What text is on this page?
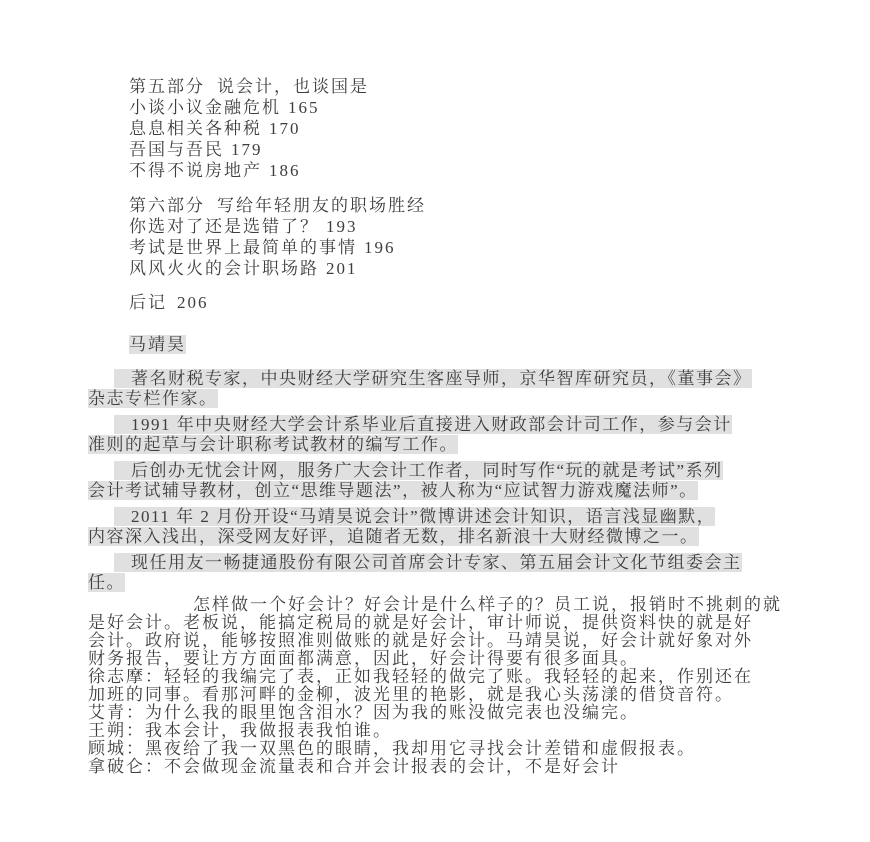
第五部分 说会计，也谈国是
小谈小议金融危机 165
息息相关各种税 170
吾国与吾民 179
不得不说房地产 186
第六部分 写给年轻朋友的职场胜经
你选对了还是选错了？ 193
考试是世界上最简单的事情 196
风风火火的会计职场路 201
后记 206
马靖昊
著名财税专家，中央财经大学研究生客座导师，京华智库研究员，《董事会》
杂志专栏作家。
1991 年中央财经大学会计系毕业后直接进入财政部会计司工作，参与会计
准则的起草与会计职称考试教材的编写工作。
后创办无忧会计网，服务广大会计工作者，同时写作“玩的就是考试”系列
会计考试辅导教材，创立“思维导题法”，被人称为“应试智力游戏魔法师”。
2011 年 2 月份开设“马靖昊说会计”微博讲述会计知识，语言浅显幽默，
内容深入浅出，深受网友好评，追随者无数，排名新浪十大财经微博之一。
现任用友一畅捷通股份有限公司首席会计专家、第五届会计文化节组委会主
任。
怎样做一个好会计？好会计是什么样子的？员工说，报销时不挑刺的就
是好会计。老板说，能搞定税局的就是好会计，审计师说，提供资料快的就是好
会计。政府说，能够按照准则做账的就是好会计。马靖昊说，好会计就好象对外
财务报告，要让方方面面都满意，因此，好会计得要有很多面具。
徐志摩：轻轻的我编完了表，正如我轻轻的做完了账。我轻轻的起来，作别还在
加班的同事。看那河畔的金柳，波光里的艳影，就是我心头荡漾的借贷音符。
艾青：为什么我的眼里饱含泪水？因为我的账没做完表也没编完。
王朔：我本会计，我做报表我怕谁。
顾城：黑夜给了我一双黑色的眼睛，我却用它寻找会计差错和虚假报表。
拿破仑：不会做现金流量表和合并会计报表的会计，不是好会计
